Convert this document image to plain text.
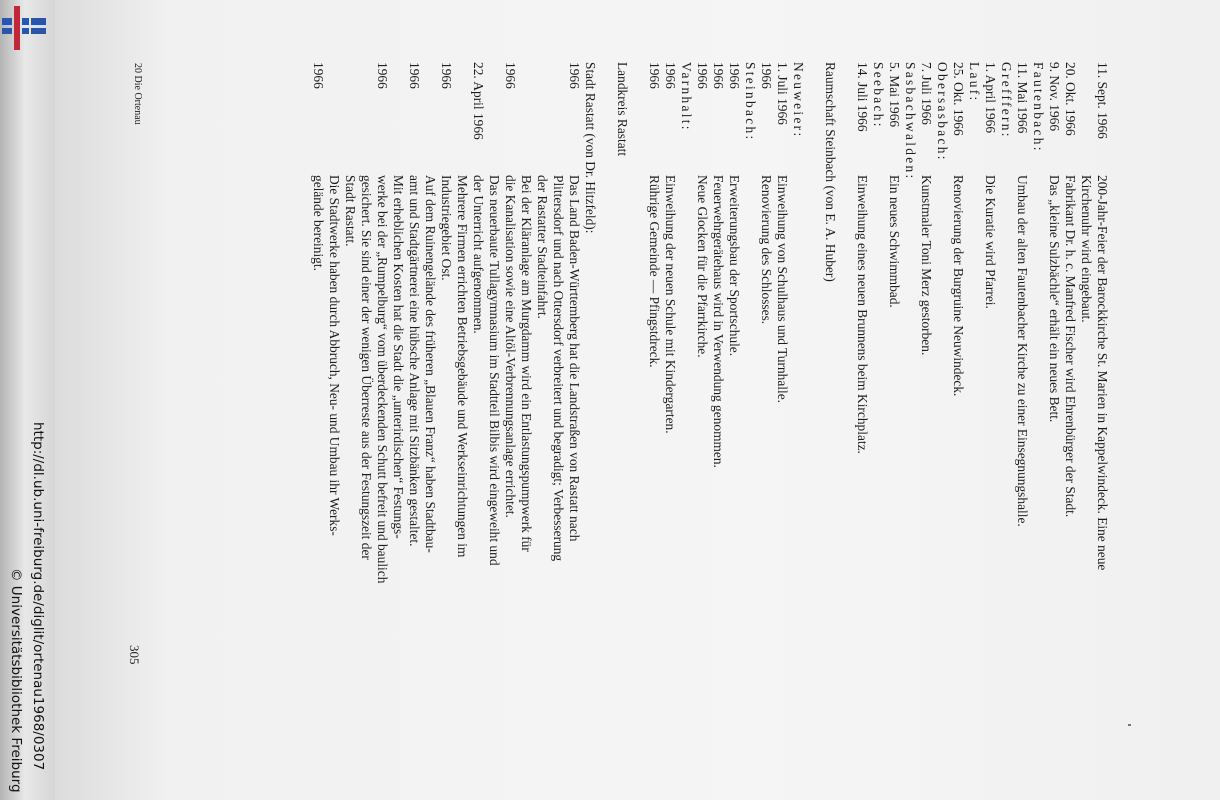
http://dl.ub.uni-freiburg.de/diglit/ortenau1968/0307
© Universitätsbibliothek Freiburg
11. Sept. 1966
20. Okt. 1966
9. Nov. 1966
Fautenbach:
11. Mai 1966
Grefffern:
1. April 1966
Lauf:
25. Okt. 1966
Obersasbach:
7. Juli 1966
Sasbachwalden:
5. Mai 1966
Seebach:
14. Juli 1966
Raumschaft Steinbach (von E. A. Huber)
Neuweier:
1. Juli 1966
1966
Steinbach:
1966
1966
1966
Varnhalt:
1966
1966
Landkreis Rastatt
Stadt Rastatt (von Dr. Hitzfeld):
1966
1966
22. April 1966
1966
1966
1966
1966
200-Jahr-Feier der Barockkirche St. Marien in Kappelwindeck. Eine neue
Kirchenuhr wird eingebaut.
Fabrikant Dr. h. c. Manfred Fischer wird Ehrenbürger der Stadt.
Das „kleine Sulzbächle“ erhält ein neues Bett.
Umbau der alten Fautenbacher Kirche zu einer Einsegnungshalle.
Die Kuratie wird Pfarrei.
Renovierung der Burgruine Neuwindeck.
Kunstmaler Toni Merz gestorben.
Ein neues Schwimmbad.
Einweihung eines neuen Brunnens beim Kirchplatz.
Einweihung von Schulhaus und Turnhalle.
Renovierung des Schlosses.
Erweiterungsbau der Sportschule.
Feuerwehrgerätehaus wird in Verwendung genommen.
Neue Glocken für die Pfarrkirche.
Einweihung der neuen Schule mit Kindergarten.
Rührige Gemeinde — Pfingstdreck.
Das Land Baden-Württemberg hat die Landstraßen von Rastatt nach
Plittersdorf und nach Ottersdorf verbreitert und begradigt; Verbesserung
der Rastatter Stadteinfahrt.
Bei der Kläranlage am Murgdamm wird ein Entlastungspumpwerk für
die Kanalisation sowie eine Altöl-Verbrennungsanlage errichtet.
Das neuerbaute Tullagymnasium im Stadtteil Bilbis wird eingeweiht und
der Unterricht aufgenommen.
Mehrere Firmen errichten Betriebsgebäude und Werkseinrichtungen im
Industriegebiet Ost.
Auf dem Ruinengelände des früheren „Blauen Franz“ haben Stadtbau-
amt und Stadtgärtnerei eine hübsche Anlage mit Sitzbänken gestaltet.
Mit erheblichen Kosten hat die Stadt die „unterirdischen“ Festungs-
werke bei der „Rumpelburg“ vom überdeckenden Schutt befreit und baulich
gesichert. Sie sind einer der wenigen Überreste aus der Festungszeit der
Stadt Rastatt.
Die Stadtwerke haben durch Abbruch, Neu- und Umbau ihr Werks-
gelände bereinigt.
20 Die Ortenau
305
